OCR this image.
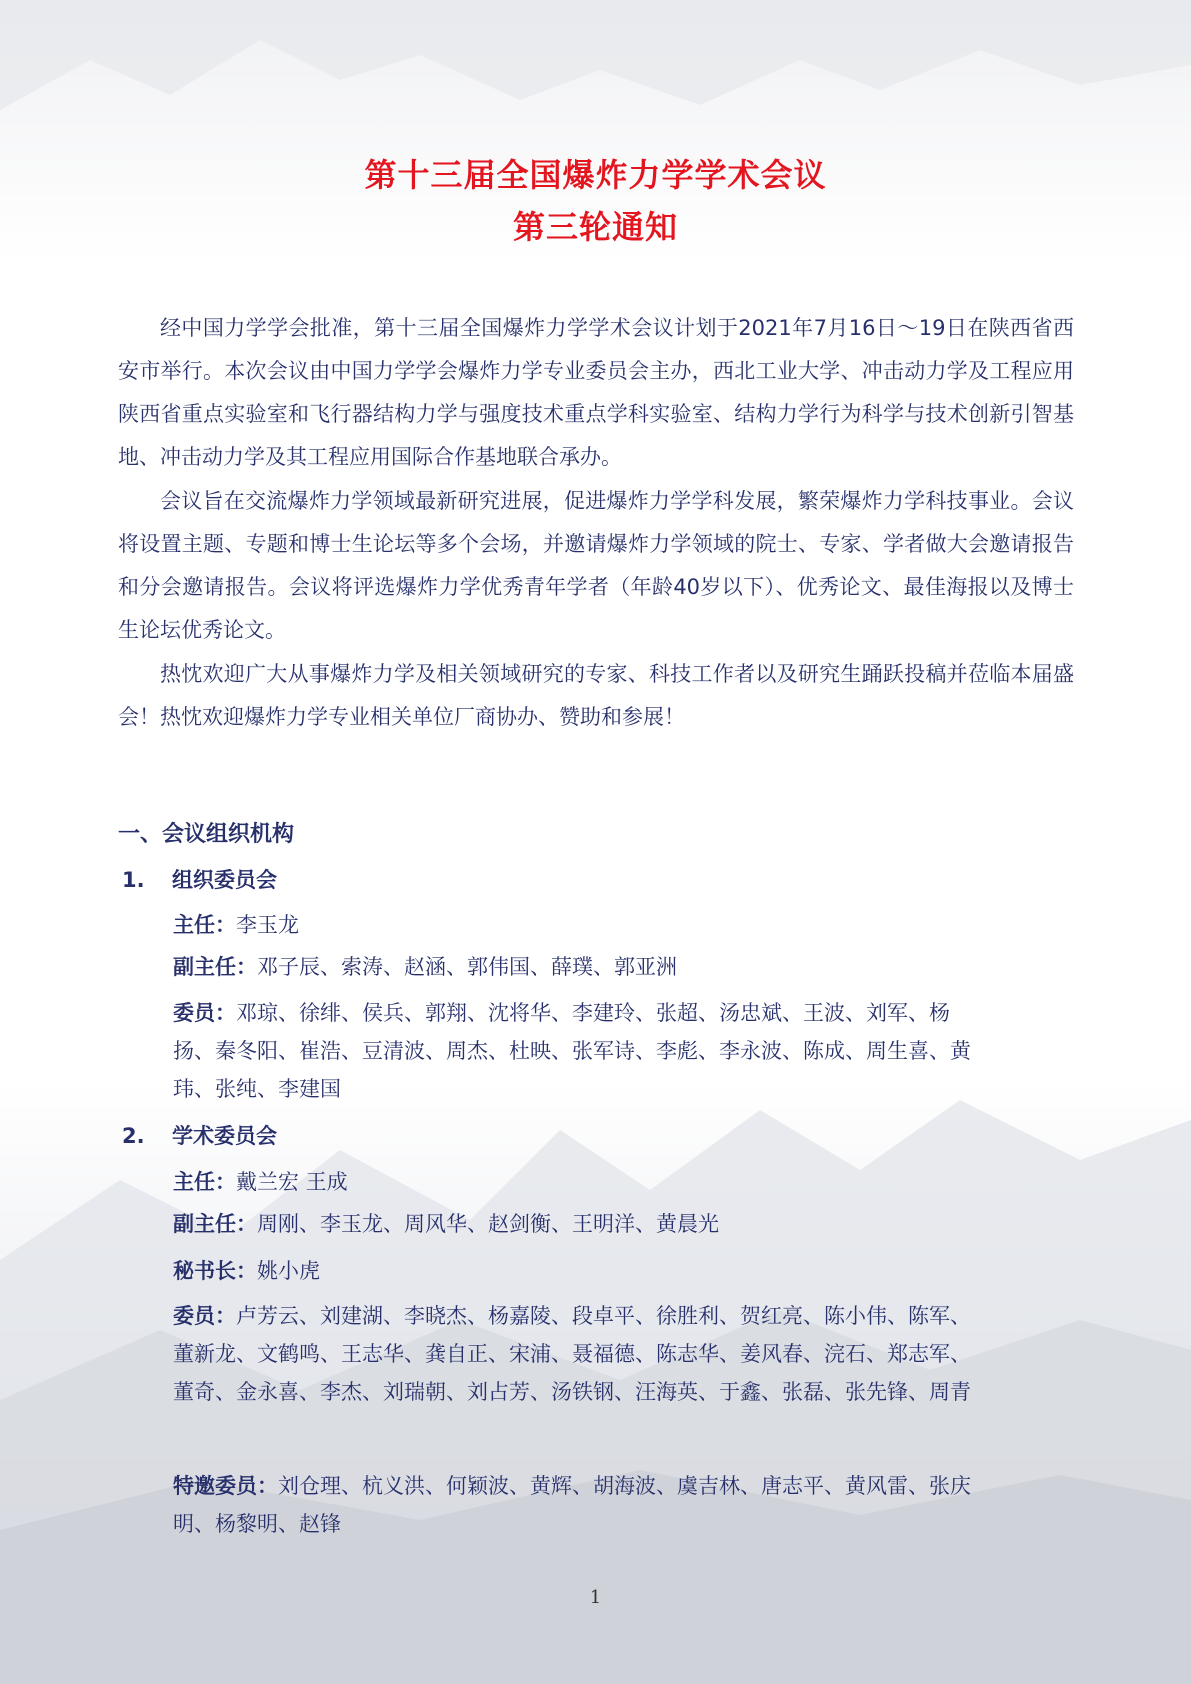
第十三届全国爆炸力学学术会议
第三轮通知

经中国力学学会批准，第十三届全国爆炸力学学术会议计划于2021年7月16日～19日在陕西省西安市举行。本次会议由中国力学学会爆炸力学专业委员会主办，西北工业大学、冲击动力学及工程应用陕西省重点实验室和飞行器结构力学与强度技术重点学科实验室、结构力学行为科学与技术创新引智基地、冲击动力学及其工程应用国际合作基地联合承办。

会议旨在交流爆炸力学领域最新研究进展，促进爆炸力学学科发展，繁荣爆炸力学科技事业。会议将设置主题、专题和博士生论坛等多个会场，并邀请爆炸力学领域的院士、专家、学者做大会邀请报告和分会邀请报告。会议将评选爆炸力学优秀青年学者（年龄40岁以下）、优秀论文、最佳海报以及博士生论坛优秀论文。

热忱欢迎广大从事爆炸力学及相关领域研究的专家、科技工作者以及研究生踊跃投稿并莅临本届盛会！热忱欢迎爆炸力学专业相关单位厂商协办、赞助和参展！

一、会议组织机构
1. 组织委员会

主任：李玉龙

副主任：邓子辰、索涛、赵涵、郭伟国、薛璞、郭亚洲

委员：邓琼、徐绯、侯兵、郭翔、沈将华、李建玲、张超、汤忠斌、王波、刘军、杨扬、秦冬阳、崔浩、豆清波、周杰、杜映、张军诗、李彪、李永波、陈成、周生喜、黄玮、张纯、李建国

2. 学术委员会

主任：戴兰宏 王成

副主任：周刚、李玉龙、周风华、赵剑衡、王明洋、黄晨光

秘书长：姚小虎

委员：卢芳云、刘建湖、李晓杰、杨嘉陵、段卓平、徐胜利、贺红亮、陈小伟、陈军、董新龙、文鹤鸣、王志华、龚自正、宋浦、聂福德、陈志华、姜风春、浣石、郑志军、董奇、金永喜、李杰、刘瑞朝、刘占芳、汤铁钢、汪海英、于鑫、张磊、张先锋、周青

特邀委员：刘仓理、杭义洪、何颖波、黄辉、胡海波、虞吉林、唐志平、黄风雷、张庆明、杨黎明、赵锋

1
